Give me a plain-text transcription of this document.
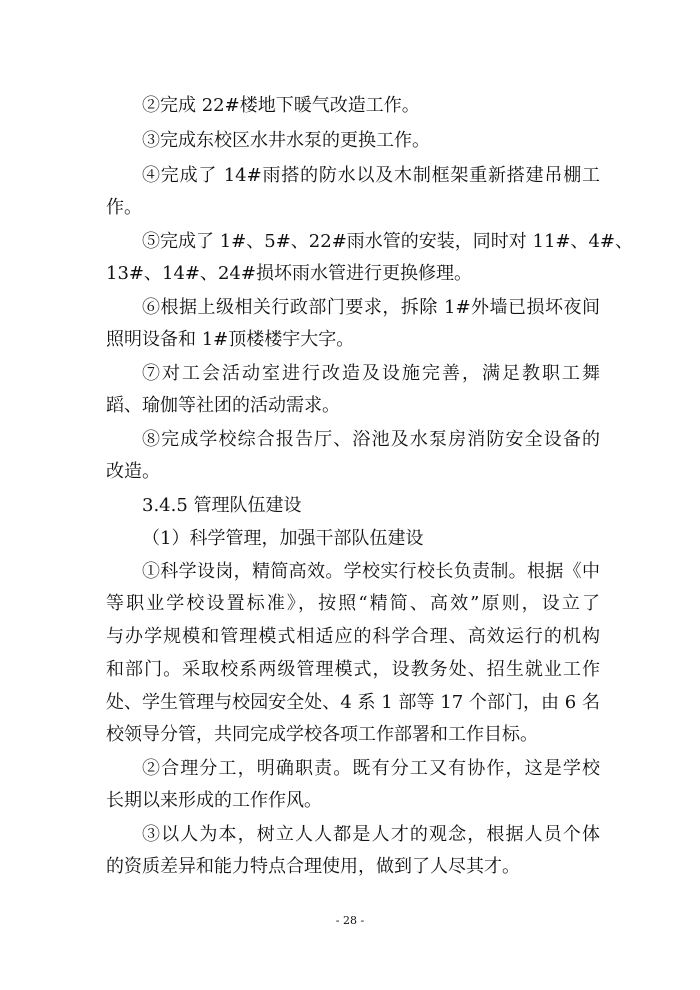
②完成 22#楼地下暖气改造工作。
③完成东校区水井水泵的更换工作。
④完成了 14#雨搭的防水以及木制框架重新搭建吊棚工
作。
⑤完成了 1#、5#、22#雨水管的安装，同时对 11#、4#、
13#、14#、24#损坏雨水管进行更换修理。
⑥根据上级相关行政部门要求，拆除 1#外墙已损坏夜间
照明设备和 1#顶楼楼宇大字。
⑦对工会活动室进行改造及设施完善，满足教职工舞
蹈、瑜伽等社团的活动需求。
⑧完成学校综合报告厅、浴池及水泵房消防安全设备的
改造。
3.4.5 管理队伍建设
（1）科学管理，加强干部队伍建设
①科学设岗，精简高效。学校实行校长负责制。根据《中
等职业学校设置标准》，按照“精简、高效”原则，设立了
与办学规模和管理模式相适应的科学合理、高效运行的机构
和部门。采取校系两级管理模式，设教务处、招生就业工作
处、学生管理与校园安全处、4 系 1 部等 17 个部门，由 6 名
校领导分管，共同完成学校各项工作部署和工作目标。
②合理分工，明确职责。既有分工又有协作，这是学校
长期以来形成的工作作风。
③以人为本，树立人人都是人才的观念，根据人员个体
的资质差异和能力特点合理使用，做到了人尽其才。
- 28 -
